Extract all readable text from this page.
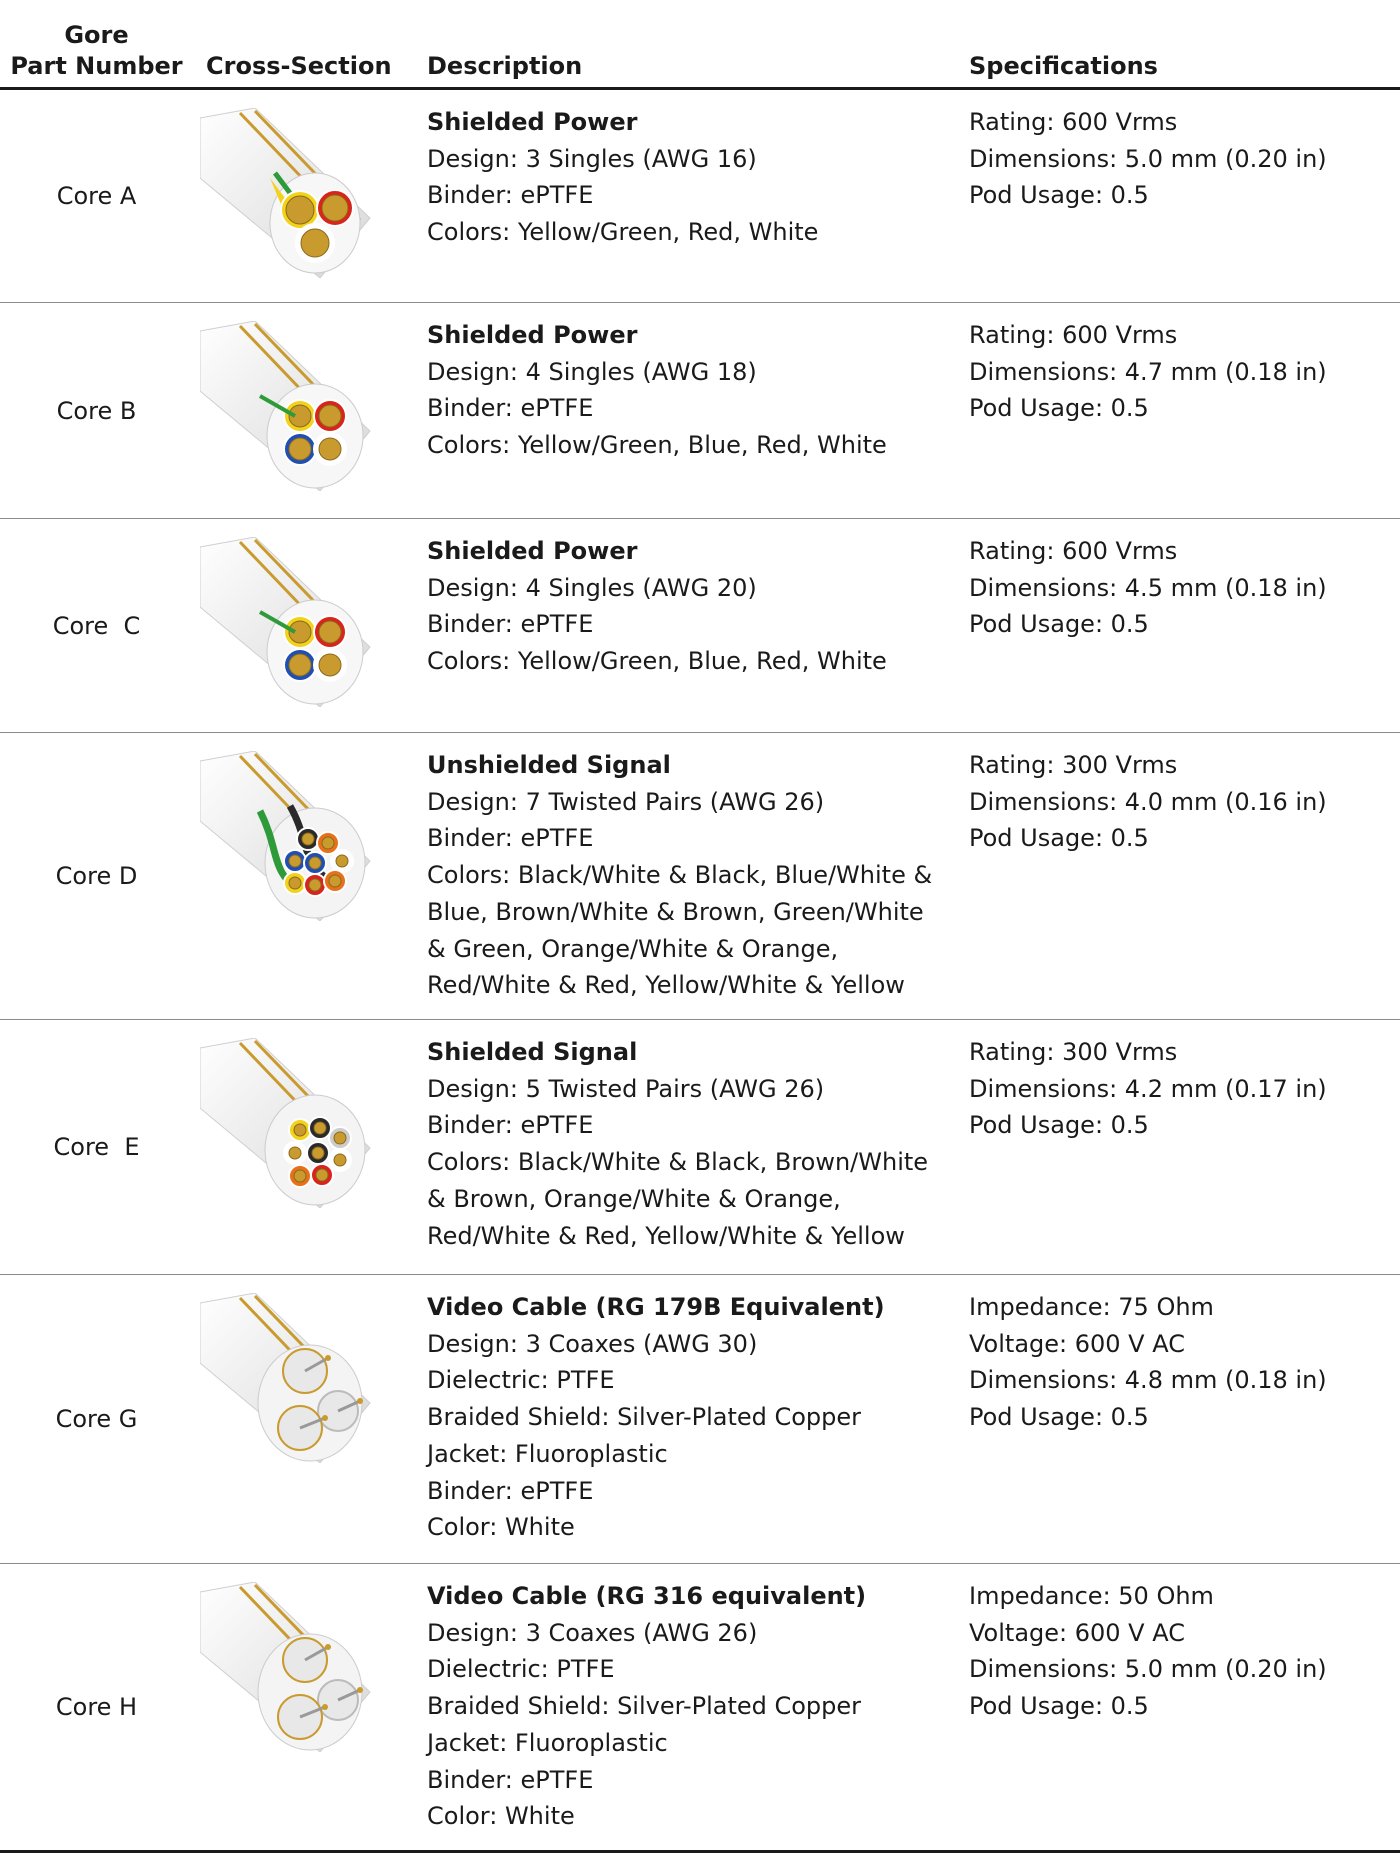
Gore
Part Number Cross-Section Description	Specifications
Core A
Shielded Power
Design: 3 Singles (AWG 16)
Binder: ePTFE
Colors: Yellow/Green, Red, White
Rating: 600 Vrms
Dimensions: 5.0 mm (0.20 in)
Pod Usage: 0.5
Core B
Shielded Power
Design: 4 Singles (AWG 18)
Binder: ePTFE
Colors: Yellow/Green, Blue, Red, White
Rating: 600 Vrms
Dimensions: 4.7 mm (0.18 in)
Pod Usage: 0.5
Core  C
Shielded Power
Design: 4 Singles (AWG 20)
Binder: ePTFE
Colors: Yellow/Green, Blue, Red, White
Rating: 600 Vrms
Dimensions: 4.5 mm (0.18 in)
Pod Usage: 0.5
Core D
Unshielded Signal
Design: 7 Twisted Pairs (AWG 26)
Binder: ePTFE
Colors: Black/White & Black, Blue/White &
Blue, Brown/White & Brown, Green/White
& Green, Orange/White & Orange,
Red/White & Red, Yellow/White & Yellow
Rating: 300 Vrms
Dimensions: 4.0 mm (0.16 in)
Pod Usage: 0.5
Core  E
Shielded Signal
Design: 5 Twisted Pairs (AWG 26)
Binder: ePTFE
Colors: Black/White & Black, Brown/White
& Brown, Orange/White & Orange,
Red/White & Red, Yellow/White & Yellow
Rating: 300 Vrms
Dimensions: 4.2 mm (0.17 in)
Pod Usage: 0.5
Core G
Video Cable (RG 179B Equivalent)
Design: 3 Coaxes (AWG 30)
Dielectric: PTFE
Braided Shield: Silver-Plated Copper
Jacket: Fluoroplastic
Binder: ePTFE
Color: White
Impedance: 75 Ohm
Voltage: 600 V AC
Dimensions: 4.8 mm (0.18 in)
Pod Usage: 0.5
Core H
Video Cable (RG 316 equivalent)
Design: 3 Coaxes (AWG 26)
Dielectric: PTFE
Braided Shield: Silver-Plated Copper
Jacket: Fluoroplastic
Binder: ePTFE
Color: White
Impedance: 50 Ohm
Voltage: 600 V AC
Dimensions: 5.0 mm (0.20 in)
Pod Usage: 0.5
